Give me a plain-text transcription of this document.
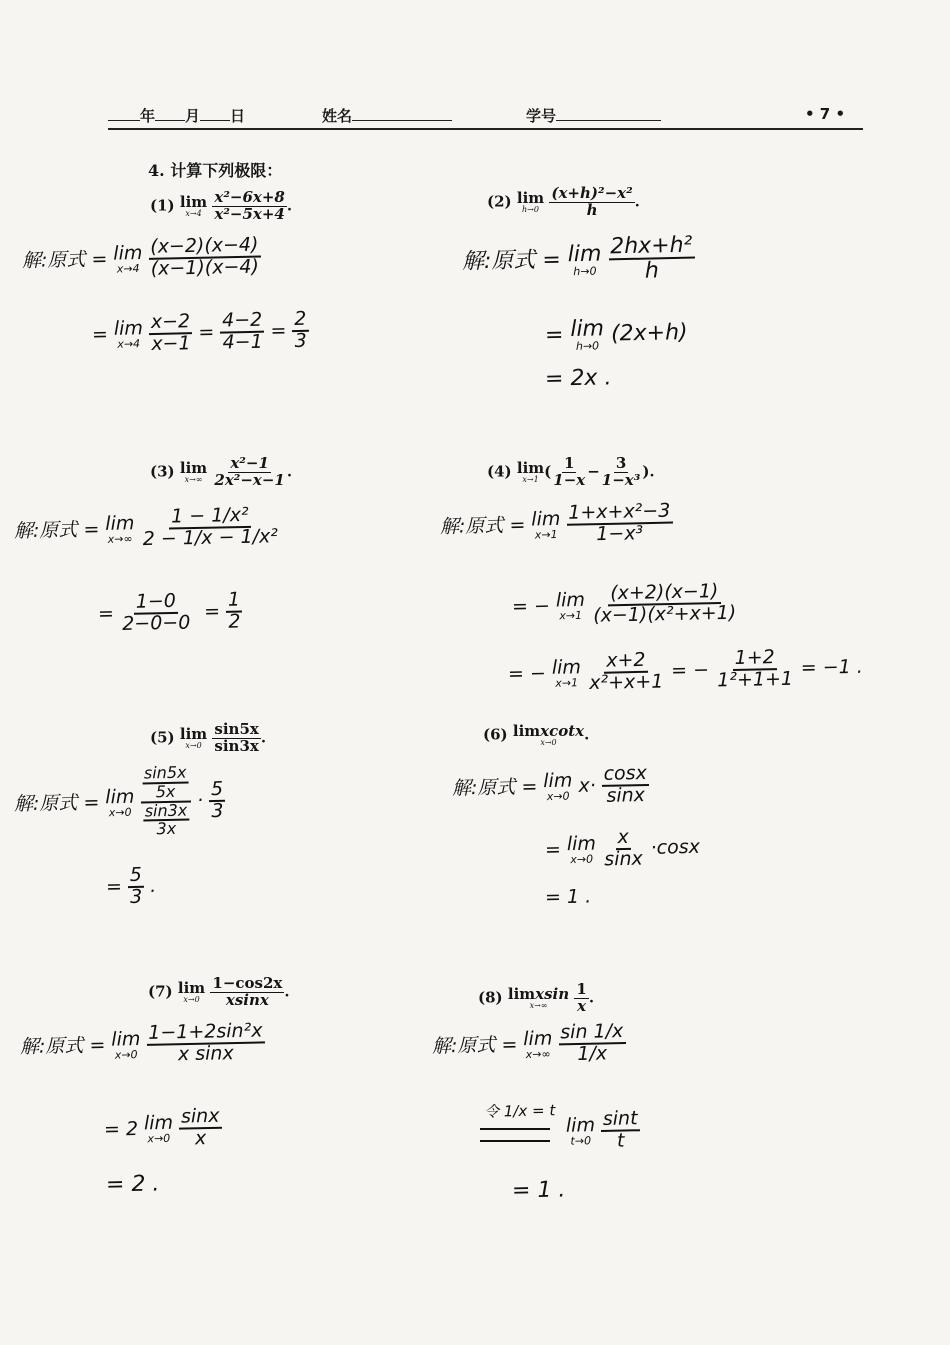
年 月 日	姓名	学号	• 7 •
4. 计算下列极限：
(1) lim
x→4
$\frac{\text{x²−6x+8}}{\text{x²−5x+4}}$ .
解:原式 = lim
x→4
$\frac{(x-2)(x-4)}{(x-1)(x-4)}$
= lim
x→4
$\frac{x-2}{x-1} = \frac{4-2}{4-1} = \frac{2}{3}$
(2) lim
h→0
$\frac{\text{(x+h)²−x²}}{h}$ .
解:原式 = lim
h→0
$\frac{\text{2hx+h²}}{h}$
= lim
h→0 (2x+h)
= 2x .
(3) lim
x→∞
$\frac{\text{x²−1}}{\text{2x²−x−1}}$ .
解:原式 = lim
x→∞
$\frac{\text{1 − 1/x²}}{\text{2 − 1/x − 1/x²}}$
= $\frac{1-0}{2-0-0} = \frac{1}{2}$
(4) lim
x→1 ( $\frac{1}{1-x} - \frac{3}{\text{1−x³}}$ ).
解:原式 = lim
x→1
$\frac{\text{1+x+x²−3}}{\text{1−x³}}$
= − lim
x→1
$\frac{(x+2)(x-1)}{\text{(x−1)(x²+x+1)}}$
= − lim
x→1
$\frac{x+2}{\text{x²+x+1}}$ = − $\frac{1+2}{\text{1²+1+1}} = -1$ .
(5) lim
x→0
$\frac{\sin 5x}{\sin 3x}$ .
解:原式 = lim
x→0
$\frac{\frac{\sin 5x}{5x}}{\frac{\sin 3x}{3x}}$
· $\frac{5}{3}$
= $\frac{5}{3}$ .
(6) limxcotx
x→0 .
解:原式 = lim
x→0 $x\cdot \frac{\cos x}{\sin x}$
= lim
x→0
$\frac{x}{\sin x} \cdot\cos x$
= 1 .
(7) lim
x→0
$\frac{1-\cos 2x}{xsinx}$ .
解:原式 = lim
x→0
$\frac{\text{1−1+2sin²x}}{\text{x sinx}}$
= 2 lim
x→0
$\frac{\sin x}{x}$
= 2 .
(8) limxsin
x→∞
$\frac{1}{x}$ .
解:原式 = lim
x→∞
$\frac{\sin 1/x}{1/x}$
令 1/x = t
lim
t→0
$\frac{\sin t}{t}$
= 1 .
